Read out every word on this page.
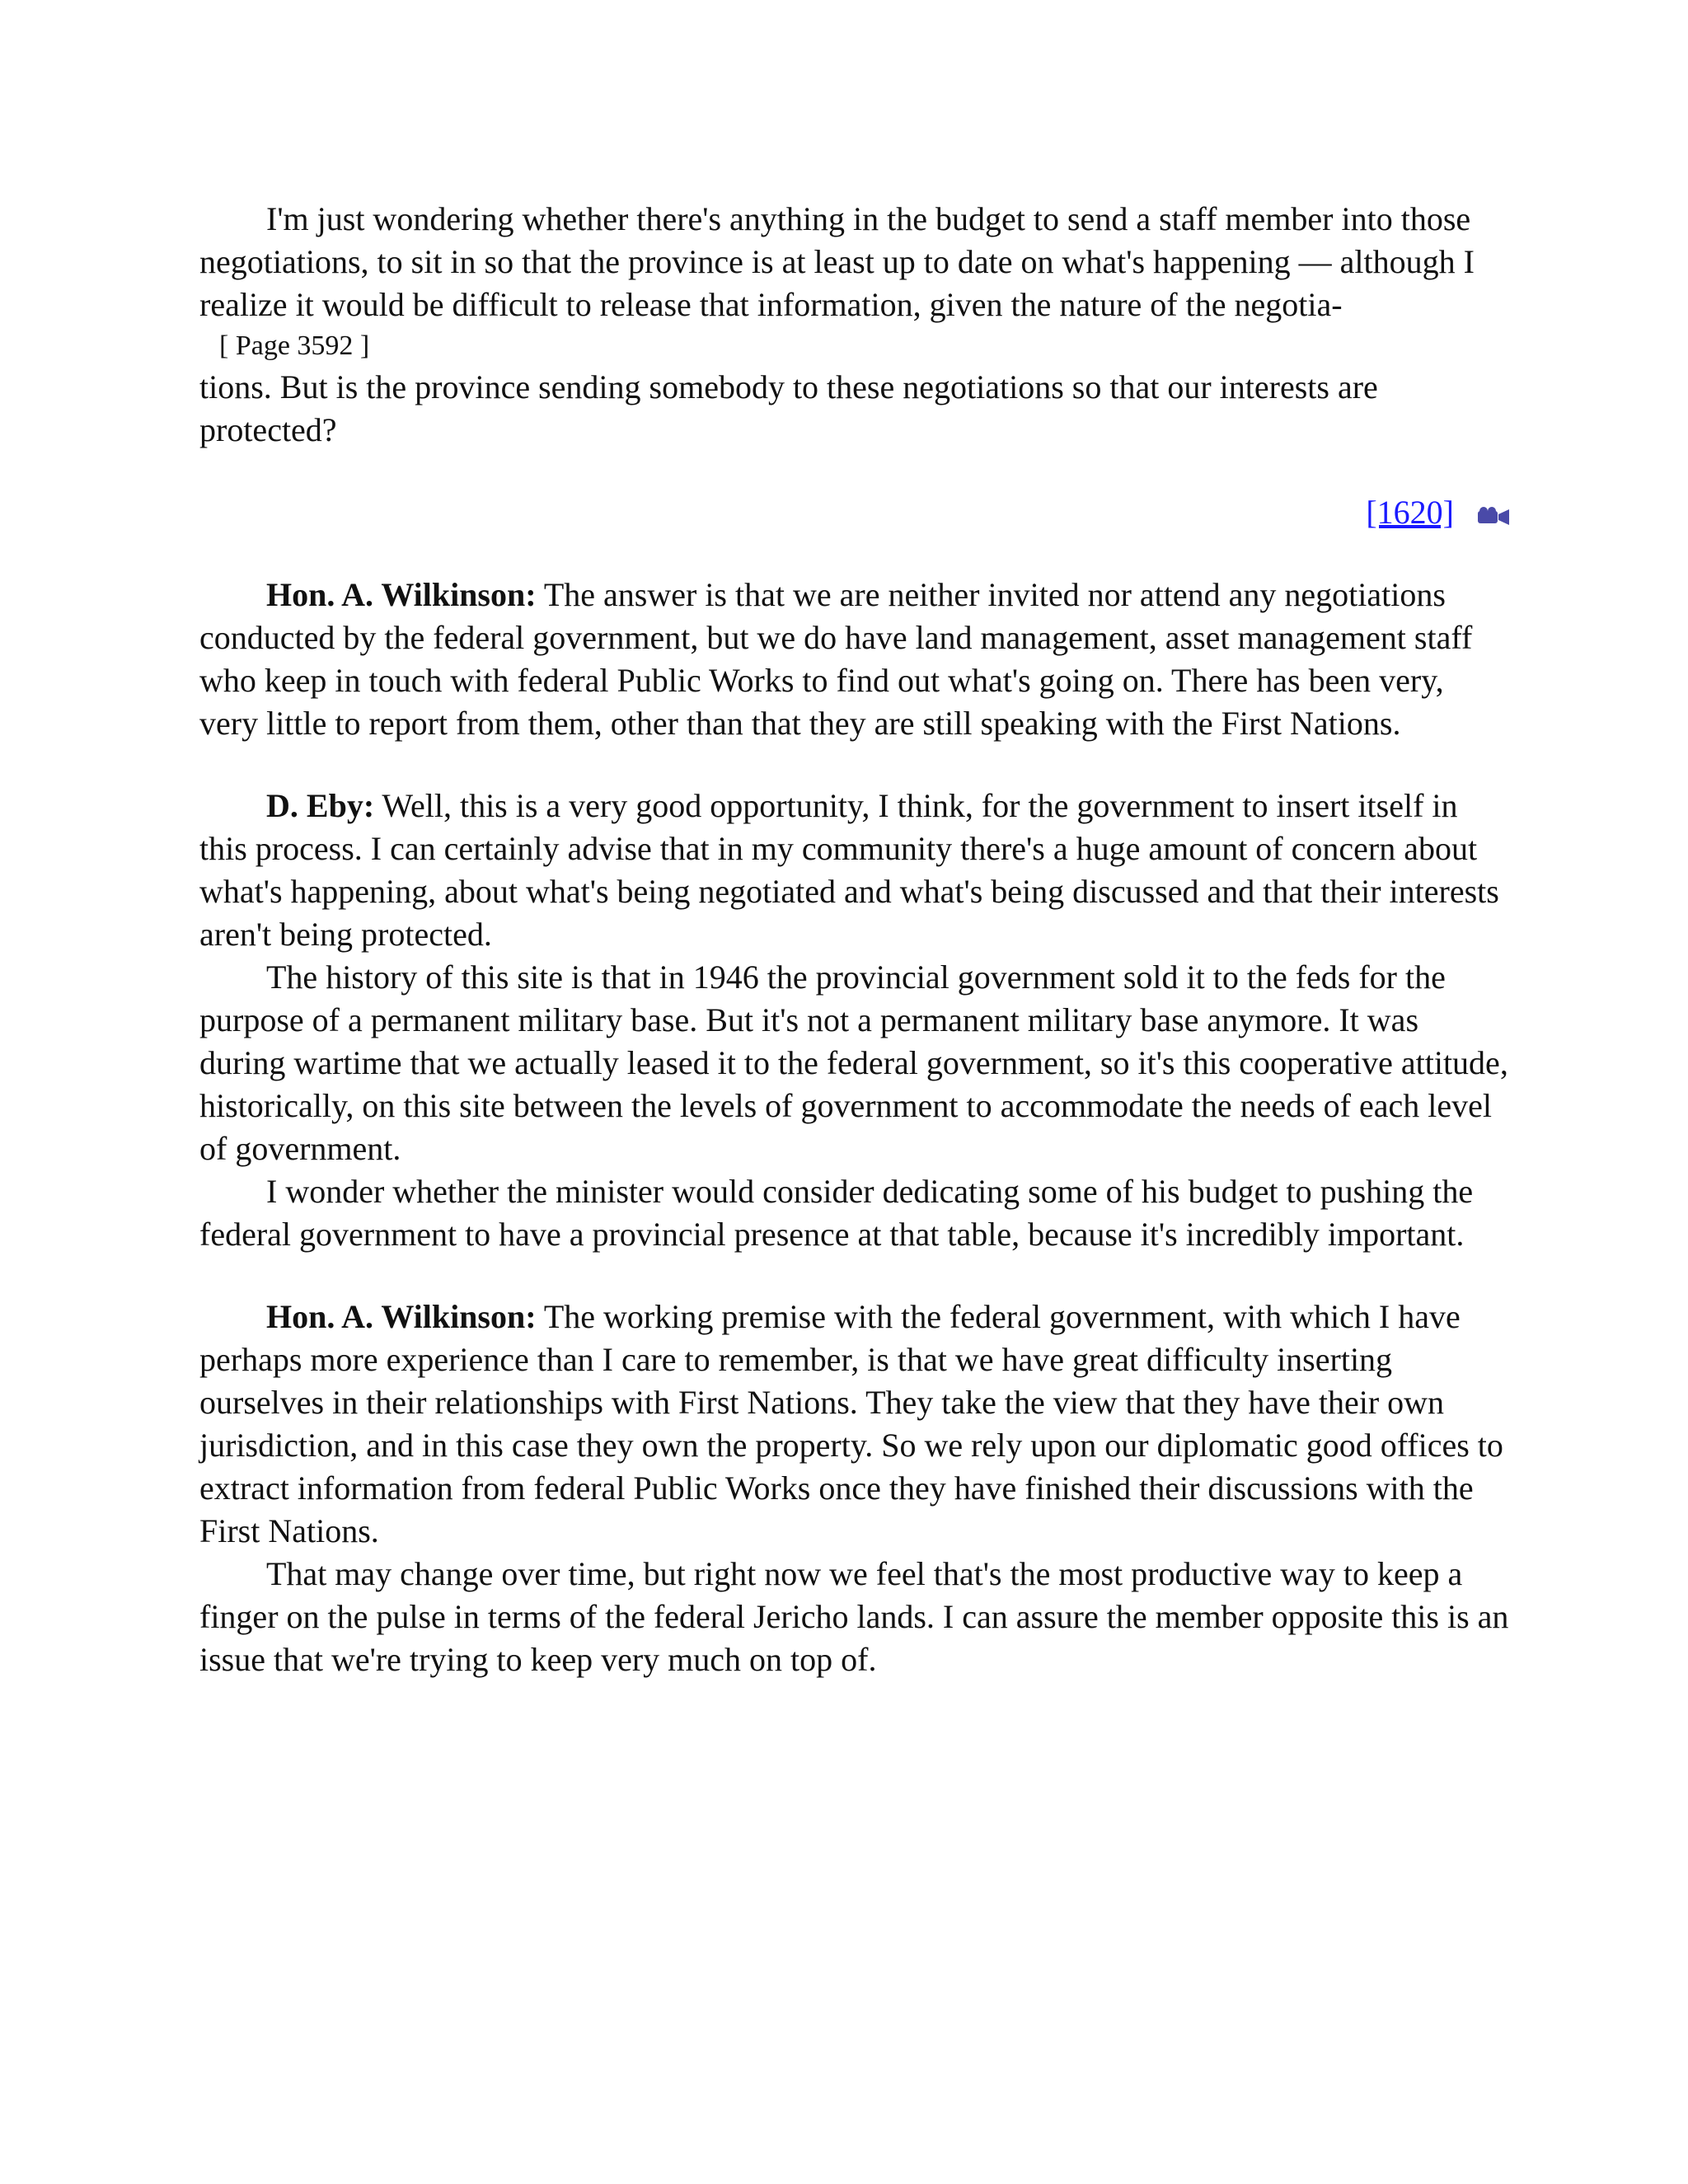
I'm just wondering whether there's anything in the budget to send a staff member into those negotiations, to sit in so that the province is at least up to date on what's happening — although I realize it would be difficult to release that information, given the nature of the negotia-

[ Page 3592 ]

tions. But is the province sending somebody to these negotiations so that our interests are protected?

[1620]

Hon. A. Wilkinson: The answer is that we are neither invited nor attend any negotiations conducted by the federal government, but we do have land management, asset management staff who keep in touch with federal Public Works to find out what's going on. There has been very, very little to report from them, other than that they are still speaking with the First Nations.

D. Eby: Well, this is a very good opportunity, I think, for the government to insert itself in this process. I can certainly advise that in my community there's a huge amount of concern about what's happening, about what's being negotiated and what's being discussed and that their interests aren't being protected.

The history of this site is that in 1946 the provincial government sold it to the feds for the purpose of a permanent military base. But it's not a permanent military base anymore. It was during wartime that we actually leased it to the federal government, so it's this cooperative attitude, historically, on this site between the levels of government to accommodate the needs of each level of government.

I wonder whether the minister would consider dedicating some of his budget to pushing the federal government to have a provincial presence at that table, because it's incredibly important.

Hon. A. Wilkinson: The working premise with the federal government, with which I have perhaps more experience than I care to remember, is that we have great difficulty inserting ourselves in their relationships with First Nations. They take the view that they have their own jurisdiction, and in this case they own the property. So we rely upon our diplomatic good offices to extract information from federal Public Works once they have finished their discussions with the First Nations.

That may change over time, but right now we feel that's the most productive way to keep a finger on the pulse in terms of the federal Jericho lands. I can assure the member opposite this is an issue that we're trying to keep very much on top of.
